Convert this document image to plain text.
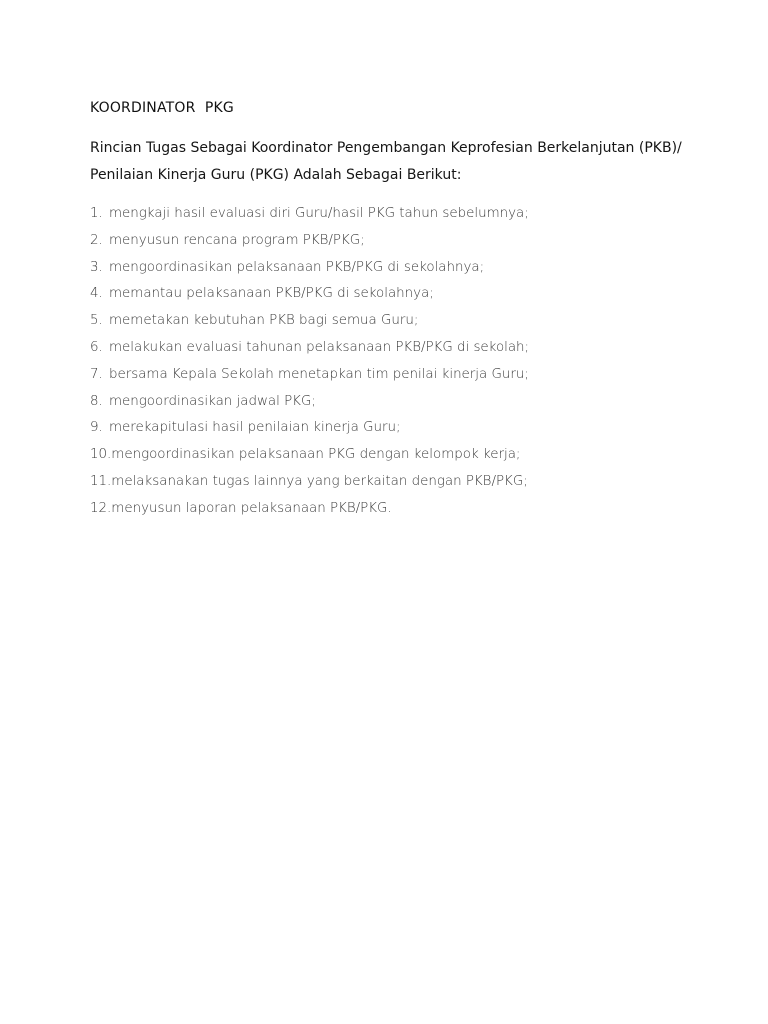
KOORDINATOR  PKG

Rincian Tugas Sebagai Koordinator Pengembangan Keprofesian Berkelanjutan (PKB)/
Penilaian Kinerja Guru (PKG) Adalah Sebagai Berikut:

1. mengkaji hasil evaluasi diri Guru/hasil PKG tahun sebelumnya;
2. menyusun rencana program PKB/PKG;
3. mengoordinasikan pelaksanaan PKB/PKG di sekolahnya;
4. memantau pelaksanaan PKB/PKG di sekolahnya;
5. memetakan kebutuhan PKB bagi semua Guru;
6. melakukan evaluasi tahunan pelaksanaan PKB/PKG di sekolah;
7. bersama Kepala Sekolah menetapkan tim penilai kinerja Guru;
8. mengoordinasikan jadwal PKG;
9. merekapitulasi hasil penilaian kinerja Guru;
10. mengoordinasikan pelaksanaan PKG dengan kelompok kerja;
11. melaksanakan tugas lainnya yang berkaitan dengan PKB/PKG;
12. menyusun laporan pelaksanaan PKB/PKG.
